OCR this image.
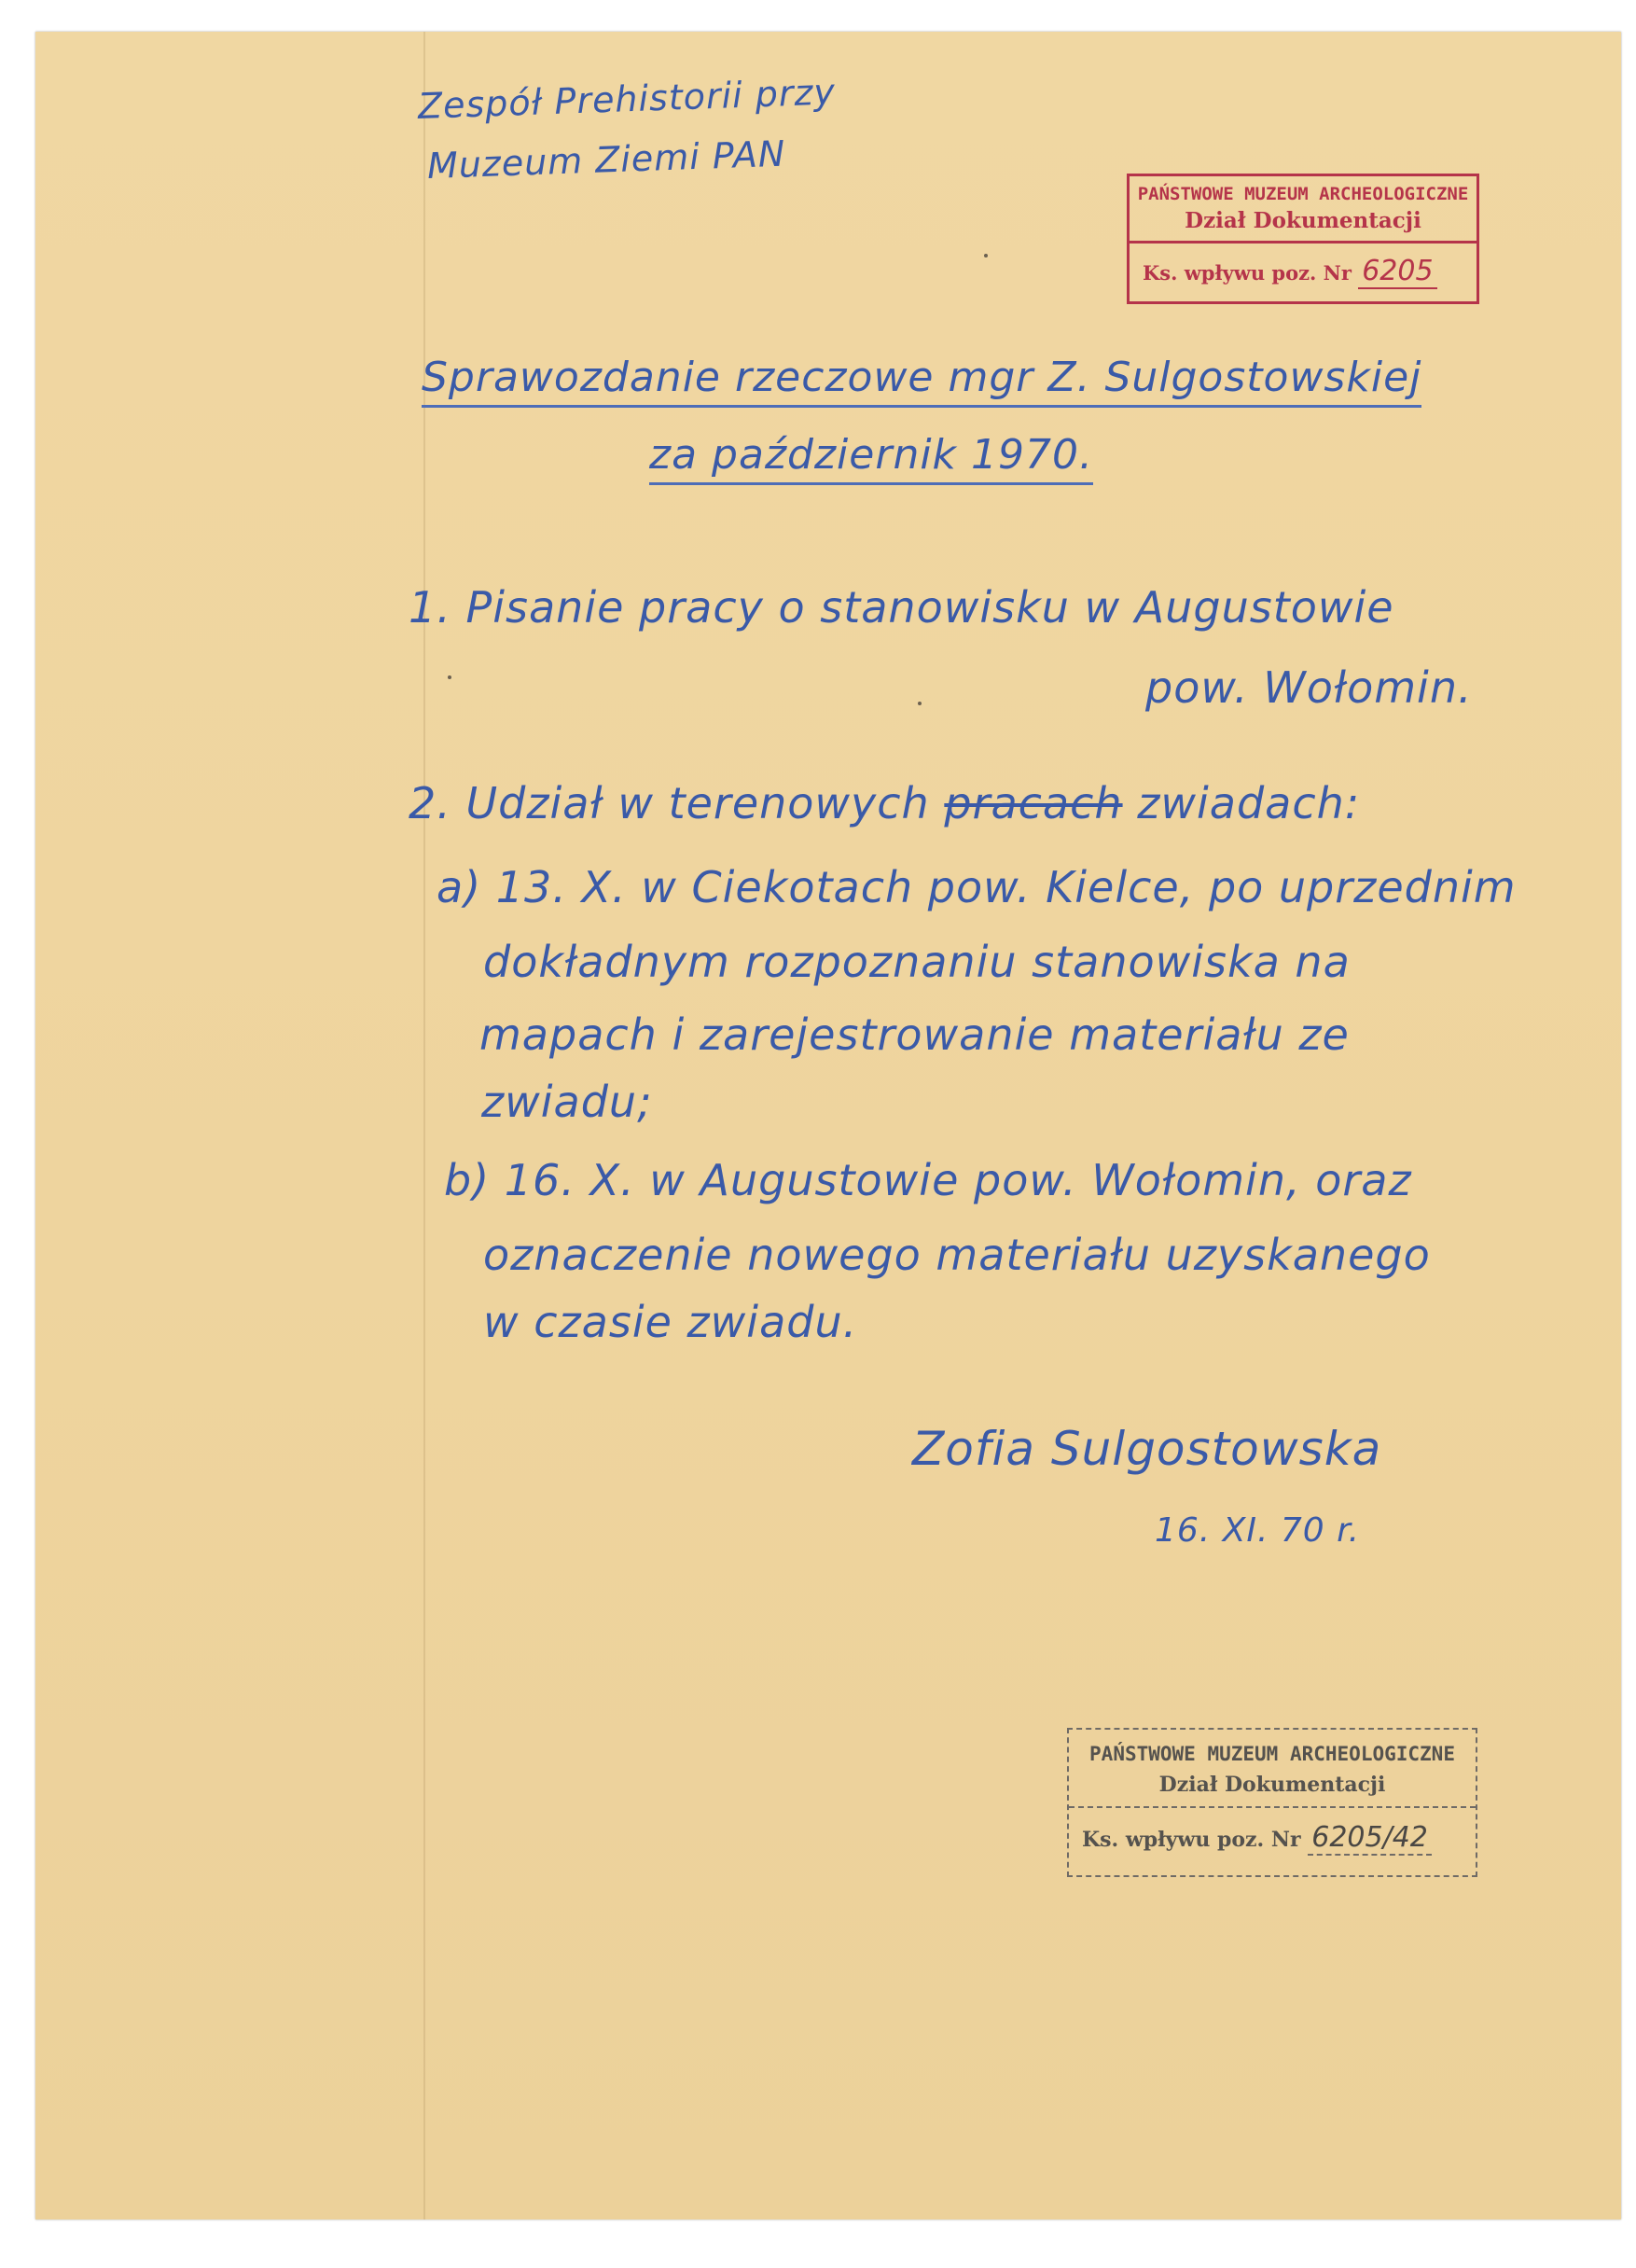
Zespół Prehistorii przy
Muzeum Ziemi PAN
PAŃSTWOWE MUZEUM ARCHEOLOGICZNE
Dział Dokumentacji
Ks. wpływu poz. Nr 6205
Sprawozdanie rzeczowe mgr Z. Sulgostowskiej
za październik 1970.
1. Pisanie pracy o stanowisku w Augustowie
pow. Wołomin.
2. Udział w terenowych pracach zwiadach:
a) 13. X. w Ciekotach pow. Kielce, po uprzednim
dokładnym rozpoznaniu stanowiska na
mapach i zarejestrowanie materiału ze
zwiadu;
b) 16. X. w Augustowie pow. Wołomin, oraz
oznaczenie nowego materiału uzyskanego
w czasie zwiadu.
Zofia Sulgostowska
16. XI. 70 r.
PAŃSTWOWE MUZEUM ARCHEOLOGICZNE
Dział Dokumentacji
Ks. wpływu poz. Nr 6205/42
